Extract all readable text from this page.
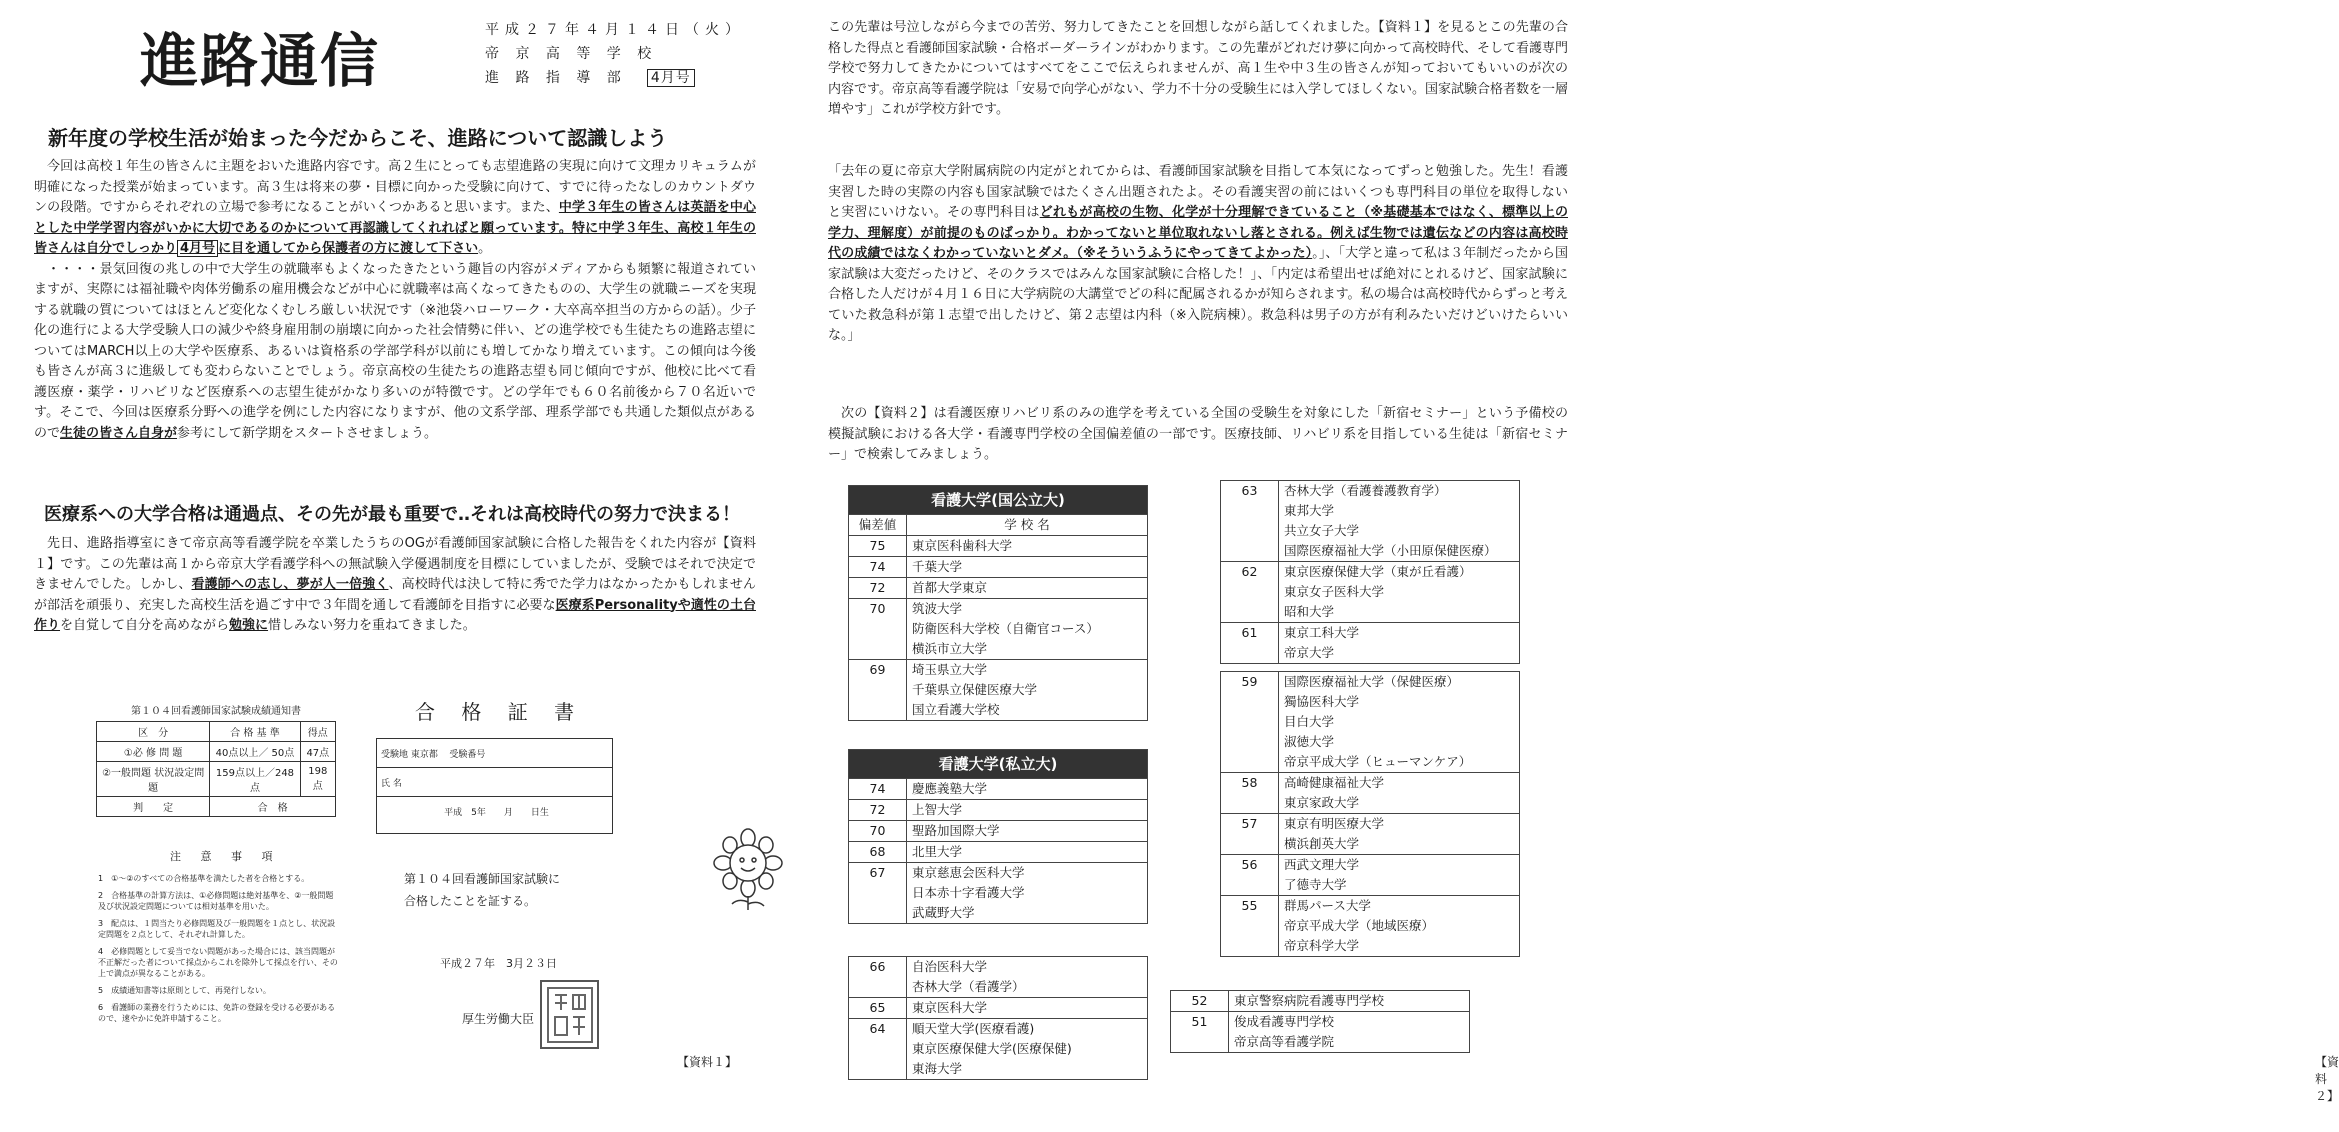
進路通信	平成２７年４月１４日（火）
帝 京 高 等 学 校
進 路 指 導 部　 4月号
新年度の学校生活が始まった今だからこそ、進路について認識しよう

今回は高校１年生の皆さんに主題をおいた進路内容です。高２生にとっても志望進路の実現に向けて文理カリキュラムが明確になった授業が始まっています。高３生は将来の夢・目標に向かった受験に向けて、すでに待ったなしのカウントダウンの段階。ですからそれぞれの立場で参考になることがいくつかあると思います。また、中学３年生の皆さんは英語を中心とした中学学習内容がいかに大切であるのかについて再認識してくれればと願っています。特に中学３年生、高校１年生の皆さんは自分でしっかり 4月号 に目を通してから保護者の方に渡して下さい。

・・・・景気回復の兆しの中で大学生の就職率もよくなったきたという趣旨の内容がメディアからも頻繁に報道されていますが、実際には福祉職や肉体労働系の雇用機会などが中心に就職率は高くなってきたものの、大学生の就職ニーズを実現する就職の質についてはほとんど変化なくむしろ厳しい状況です（※池袋ハローワーク・大卒高卒担当の方からの話）。少子化の進行による大学受験人口の減少や終身雇用制の崩壊に向かった社会情勢に伴い、どの進学校でも生徒たちの進路志望についてはMARCH以上の大学や医療系、あるいは資格系の学部学科が以前にも増してかなり増えています。この傾向は今後も皆さんが高３に進級しても変わらないことでしょう。帝京高校の生徒たちの進路志望も同じ傾向ですが、他校に比べて看護医療・薬学・リハビリなど医療系への志望生徒がかなり多いのが特徴です。どの学年でも６０名前後から７０名近いです。そこで、今回は医療系分野への進学を例にした内容になりますが、他の文系学部、理系学部でも共通した類似点があるので生徒の皆さん自身が参考にして新学期をスタートさせましょう。

医療系への大学合格は通過点、その先が最も重要で‥それは高校時代の努力で決まる！

先日、進路指導室にきて帝京高等看護学院を卒業したうちのOGが看護師国家試験に合格した報告をくれた内容が【資料１】です。この先輩は高１から帝京大学看護学科への無試験入学優遇制度を目標にしていましたが、受験ではそれで決定できませんでした。しかし、看護師への志し、夢が人一倍強く、高校時代は決して特に秀でた学力はなかったかもしれませんが部活を頑張り、充実した高校生活を過ごす中で３年間を通して看護師を目指すに必要な医療系Personalityや適性の土台作りを自覚して自分を高めながら勉強に惜しみない努力を重ねてきました。

第１０４回看護師国家試験成績通知書
区　分	合 格 基 準	得点
①必 修 問 題	40点以上／ 50点	47点
②一般問題 状況設定問題	159点以上／248点	198点
判　　定	合　格	
注 意 事 項
1　①～②のすべての合格基準を満たした者を合格とする。
2　合格基準の計算方法は、①必修問題は絶対基準を、②一般問題及び状況設定問題については相対基準を用いた。
3　配点は、１問当たり必修問題及び一般問題を１点とし、状況設定問題を２点として、それぞれ計算した。
4　必修問題として妥当でない問題があった場合には、該当問題が不正解だった者について採点からこれを除外して採点を行い、その上で満点が異なることがある。
5　成績通知書等は原則として、再発行しない。
6　看護師の業務を行うためには、免許の登録を受ける必要があるので、速やかに免許申請すること。
合 格 証 書
受験地
東京都
受験番号
氏 名
平成　5年　　月　　日生
第１０４回看護師国家試験に
合格したことを証する。
平成２７年　3月２３日
厚生労働大臣
【資料１】

この先輩は号泣しながら今までの苦労、努力してきたことを回想しながら話してくれました。【資料１】を見るとこの先輩の合格した得点と看護師国家試験・合格ボーダーラインがわかります。この先輩がどれだけ夢に向かって高校時代、そして看護専門学校で努力してきたかについてはすべてをここで伝えられませんが、高１生や中３生の皆さんが知っておいてもいいのが次の内容です。帝京高等看護学院は「安易で向学心がない、学力不十分の受験生には入学してほしくない。国家試験合格者数を一層増やす」これが学校方針です。

「去年の夏に帝京大学附属病院の内定がとれてからは、看護師国家試験を目指して本気になってずっと勉強した。先生！看護実習した時の実際の内容も国家試験ではたくさん出題されたよ。その看護実習の前にはいくつも専門科目の単位を取得しないと実習にいけない。その専門科目はどれもが高校の生物、化学が十分理解できていること（※基礎基本ではなく、標準以上の学力、理解度）が前提のものばっかり。わかってないと単位取れないし落とされる。例えば生物では遺伝などの内容は高校時代の成績ではなくわかっていないとダメ。（※そういうふうにやってきてよかった）。」、「大学と違って私は３年制だったから国家試験は大変だったけど、そのクラスではみんな国家試験に合格した！」、「内定は希望出せば絶対にとれるけど、国家試験に合格した人だけが４月１６日に大学病院の大講堂でどの科に配属されるかが知らされます。私の場合は高校時代からずっと考えていた救急科が第１志望で出したけど、第２志望は内科（※入院病棟）。救急科は男子の方が有利みたいだけどいけたらいいな。」

次の【資料２】は看護医療リハビリ系のみの進学を考えている全国の受験生を対象にした「新宿セミナー」という予備校の模擬試験における各大学・看護専門学校の全国偏差値の一部です。医療技師、リハビリ系を目指している生徒は「新宿セミナー」で検索してみましょう。

看護大学(国公立大)	
偏差値	学 校 名
75	東京医科歯科大学

74	千葉大学

72	首都大学東京

70	筑波大学
防衛医科大学校（自衛官コース）
横浜市立大学

69	埼玉県立大学
千葉県立保健医療大学
国立看護大学校
看護大学(私立大)	
74	慶應義塾大学

72	上智大学

70	聖路加国際大学

68	北里大学

67	東京慈恵会医科大学
日本赤十字看護大学
武蔵野大学
66	自治医科大学
杏林大学（看護学）

65	東京医科大学

64	順天堂大学(医療看護)
東京医療保健大学(医療保健)
東海大学
63	杏林大学（看護養護教育学）
東邦大学
共立女子大学
国際医療福祉大学（小田原保健医療）

62	東京医療保健大学（東が丘看護）
東京女子医科大学
昭和大学

61	東京工科大学
帝京大学
59	国際医療福祉大学（保健医療）
獨協医科大学
目白大学
淑徳大学
帝京平成大学（ヒューマンケア）

58	高崎健康福祉大学
東京家政大学

57	東京有明医療大学
横浜創英大学

56	西武文理大学
了德寺大学

55	群馬パース大学
帝京平成大学（地域医療）
帝京科学大学
52	東京警察病院看護専門学校

51	俊成看護専門学校
帝京高等看護学院
【資料２】
